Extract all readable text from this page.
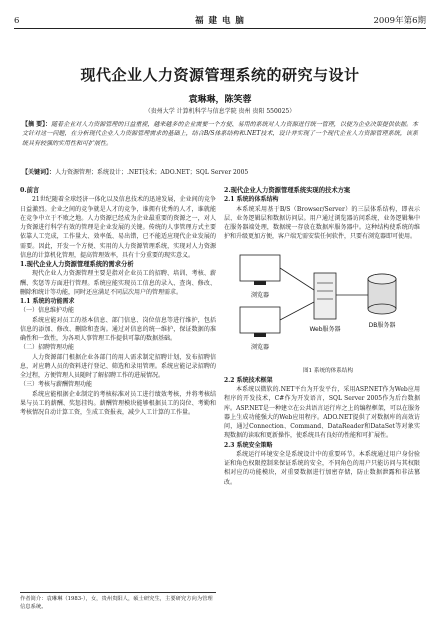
6	福 建 电 脑	2009年第6期
现代企业人力资源管理系统的研究与设计
袁琳琳，陈笑蓉
（贵州大学 计算机科学与信息学院 贵州 贵阳 550025）
【摘 要】：随着企业对人力资源管理的日益重视，越来越多的企业需要一个方便、易用的系统对人力资源进行统一管理，以便为企业决策提供依据。本文针对这一问题，在分析现代企业人力资源管理需求的基础上，结合B/S体系结构和.NET技术，设计并实现了一个现代企业人力资源管理系统，该系统具有较强的实用性和可扩展性。
【关键词】：人力资源管理；系统设计；.NET技术；ADO.NET；SQL Server 2005

0.前言

21世纪随着全球经济一体化以及信息技术的迅速发展，企业间的竞争日益激烈。企业之间的竞争就是人才的竞争，谁拥有优秀的人才，谁就能在竞争中立于不败之地。人力资源已经成为企业最重要的资源之一，对人力资源进行科学有效的管理是企业发展的关键。传统的人事管理方式主要依靠人工完成，工作量大、效率低、易出错，已不能适应现代企业发展的需要。因此，开发一个方便、实用的人力资源管理系统，实现对人力资源信息的计算机化管理，提高管理效率，具有十分重要的现实意义。

1.现代企业人力资源管理系统的需求分析

现代企业人力资源管理主要是指对企业员工的招聘、培训、考核、薪酬、奖惩等方面进行管理。系统应能实现员工信息的录入、查询、修改、删除和统计等功能，同时还应满足不同层次用户的管理需求。

1.1 系统的功能需求

（一）信息维护功能

系统应能对员工的基本信息、部门信息、岗位信息等进行维护，包括信息的添加、修改、删除和查询。通过对信息的统一维护，保证数据的准确性和一致性，为各项人事管理工作提供可靠的数据基础。

（二）招聘管理功能

人力资源部门根据企业各部门的用人需求制定招聘计划，发布招聘信息，对应聘人员的资料进行登记、筛选和录用管理。系统应能记录招聘的全过程，方便管理人员随时了解招聘工作的进展情况。

（三）考核与薪酬管理功能

系统应能根据企业制定的考核标准对员工进行绩效考核，并将考核结果与员工的薪酬、奖惩挂钩。薪酬管理模块能够根据员工的岗位、考勤和考核情况自动计算工资，生成工资报表，减少人工计算的工作量。

2.现代企业人力资源管理系统实现的技术方案

2.1 系统的体系结构

本系统采用基于B/S（Browser/Server）的三层体系结构，即表示层、业务逻辑层和数据访问层。用户通过浏览器访问系统，业务逻辑集中在服务器端处理，数据统一存放在数据库服务器中。这种结构使系统的维护和升级更加方便，客户端无需安装任何软件，只要有浏览器即可使用。

浏览器
浏览器
Web服务器
DB服务器

图1 系统的体系结构

2.2 系统技术框架

本系统以微软的.NET平台为开发平台，采用ASP.NET作为Web应用程序的开发技术，C#作为开发语言，SQL Server 2005作为后台数据库。ASP.NET是一种建立在公共语言运行库之上的编程框架，可以在服务器上生成功能强大的Web应用程序。ADO.NET提供了对数据库的高效访问，通过Connection、Command、DataReader和DataSet等对象实现数据的读取和更新操作，使系统具有良好的性能和可扩展性。

2.3 系统安全策略

系统运行环境安全是系统设计中的重要环节。本系统通过用户身份验证和角色权限控制来保证系统的安全，不同角色的用户只能访问与其权限相对应的功能模块，对重要数据进行加密存储，防止数据泄露和非法篡改。

作者简介：袁琳琳（1983-），女，贵州贵阳人，硕士研究生，主要研究方向为管理信息系统。
